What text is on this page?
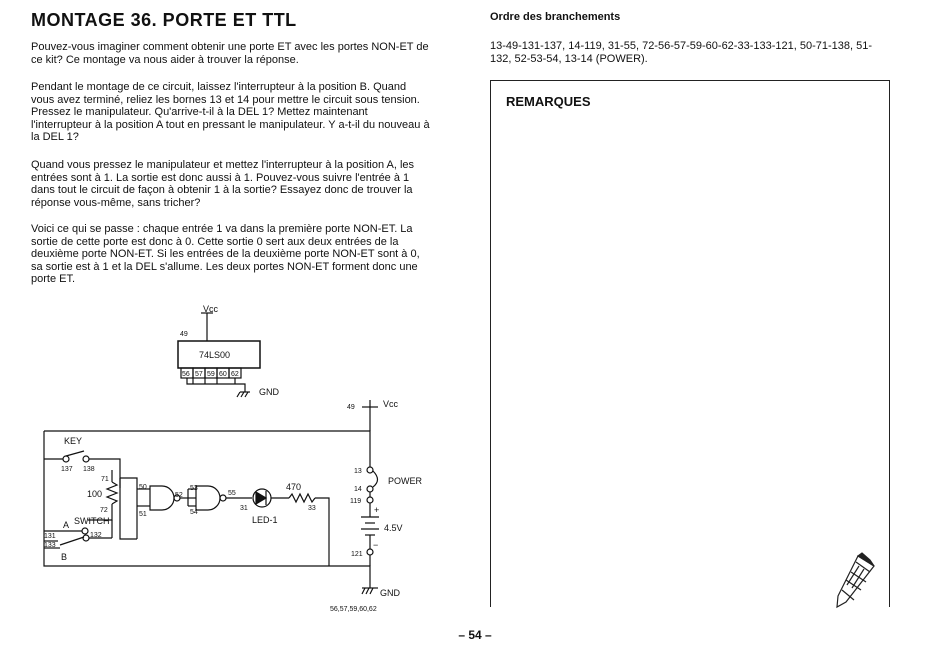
MONTAGE 36. PORTE ET TTL

Pouvez-vous imaginer comment obtenir une porte ET avec les portes NON-ET de ce kit? Ce montage va nous aider à trouver la réponse.

Pendant le montage de ce circuit, laissez l'interrupteur à la position B. Quand vous avez terminé, reliez les bornes 13 et 14 pour mettre le circuit sous tension. Pressez le manipulateur. Qu'arrive-t-il à la DEL 1? Mettez maintenant l'interrupteur à la position A tout en pressant le manipulateur. Y a-t-il du nouveau à la DEL 1?

Quand vous pressez le manipulateur et mettez l'interrupteur à la position A, les entrées sont à 1. La sortie est donc aussi à 1. Pouvez-vous suivre l'entrée à 1 dans tout le circuit de façon à obtenir 1 à la sortie? Essayez donc de trouver la réponse vous-même, sans tricher?

Voici ce qui se passe : chaque entrée 1 va dans la première porte NON-ET. La sortie de cette porte est donc à 0. Cette sortie 0 sert aux deux entrées de la deuxième porte NON-ET. Si les entrées de la deuxième porte NON-ET sont à 0, sa sortie est à 1 et la DEL s'allume. Les deux portes NON-ET forment donc une porte ET.

Ordre des branchements

13-49-131-137, 14-119, 31-55, 72-56-57-59-60-62-33-133-121, 50-71-138, 51-132, 52-53-54, 13-14 (POWER).

REMARQUES
Vcc
49
74LS00
56 57 59 60 62
GND
KEY
137 138
71
100
72
A SWITCH
131	132
133
B
50
51
52
53
54
55
31
LED-1
470
33
49	Vcc
13
14
POWER
119
+
4.5V
−
121
GND
56,57,59,60,62
– 54 –
